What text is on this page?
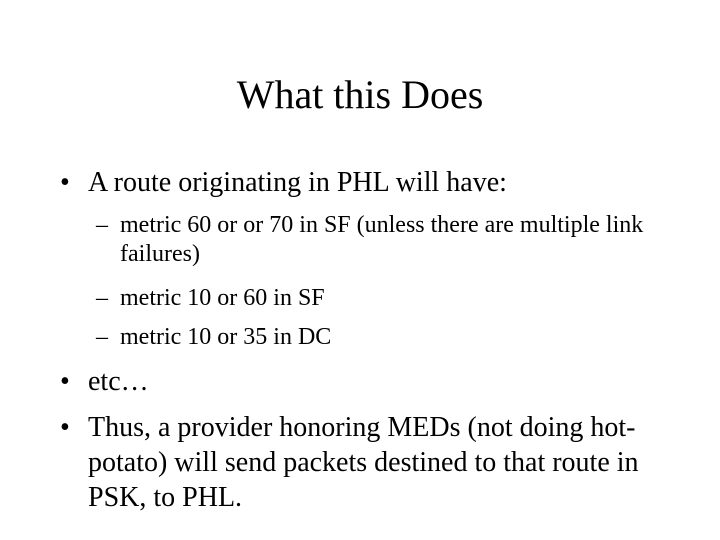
What this Does
• A route originating in PHL will have:
– metric 60 or or 70 in SF (unless there are multiple link failures)
– metric 10 or 60 in SF
– metric 10 or 35 in DC
• etc…
• Thus, a provider honoring MEDs (not doing hot-potato) will send packets destined to that route in PSK, to PHL.
